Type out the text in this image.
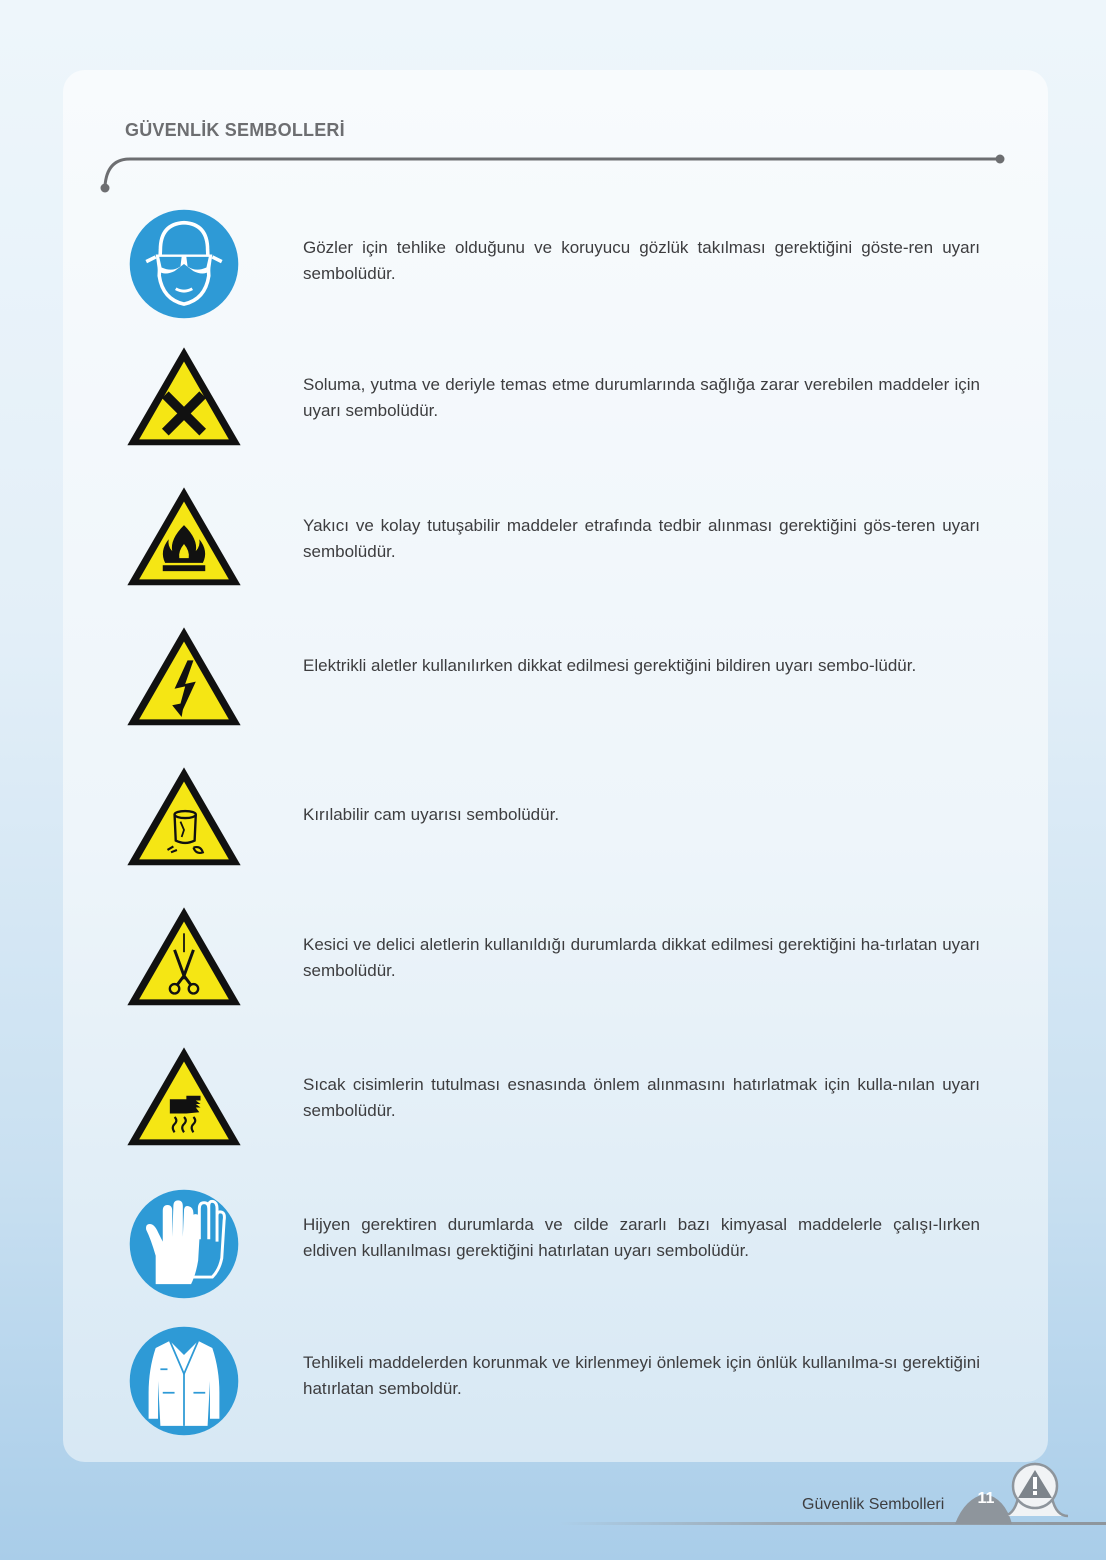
GÜVENLİK SEMBOLLERİ
Gözler için tehlike olduğunu ve koruyucu gözlük takılması gerektiğini göste-ren uyarı sembolüdür.
Soluma, yutma ve deriyle temas etme durumlarında sağlığa zarar verebilen maddeler için uyarı sembolüdür.
Yakıcı ve kolay tutuşabilir maddeler etrafında tedbir alınması gerektiğini gös-teren uyarı sembolüdür.
Elektrikli aletler kullanılırken dikkat edilmesi gerektiğini bildiren uyarı sembo-lüdür.
Kırılabilir cam uyarısı sembolüdür.
Kesici ve delici aletlerin kullanıldığı durumlarda dikkat edilmesi gerektiğini ha-tırlatan uyarı sembolüdür.
Sıcak cisimlerin tutulması esnasında önlem alınmasını hatırlatmak için kulla-nılan uyarı sembolüdür.
Hijyen gerektiren durumlarda ve cilde zararlı bazı kimyasal maddelerle çalışı-lırken eldiven kullanılması gerektiğini hatırlatan uyarı sembolüdür.
Tehlikeli maddelerden korunmak ve kirlenmeyi önlemek için önlük kullanılma-sı gerektiğini hatırlatan semboldür.
Güvenlik Sembolleri 11
